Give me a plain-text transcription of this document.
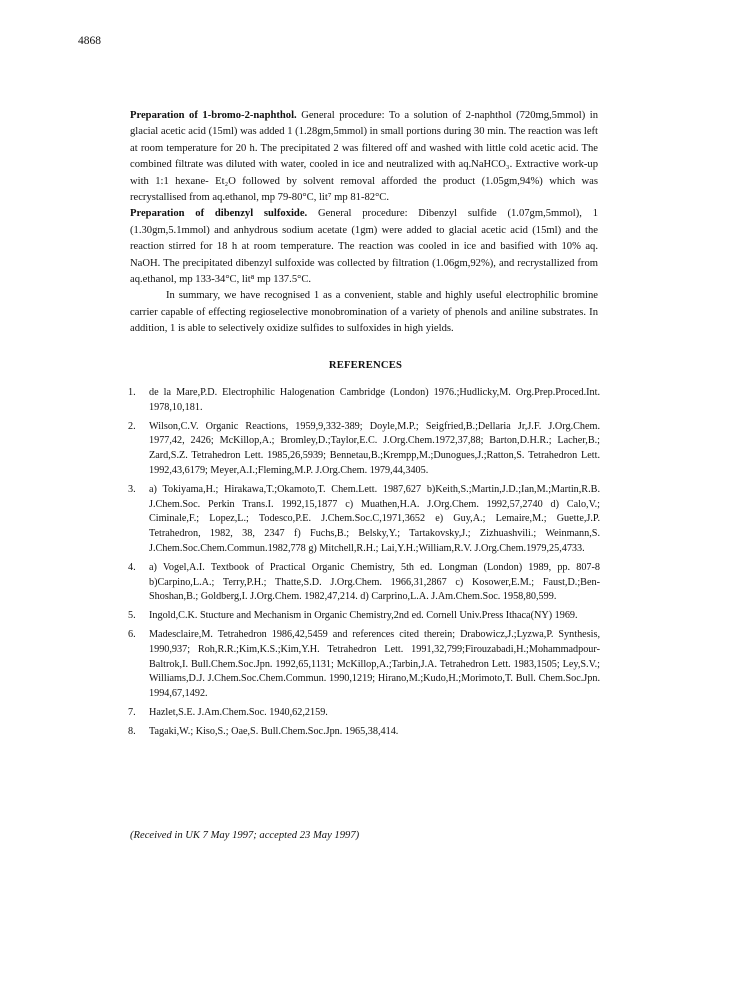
4868

Preparation of 1-bromo-2-naphthol. General procedure: To a solution of 2-naphthol (720mg,5mmol) in glacial acetic acid (15ml) was added 1 (1.28gm,5mmol) in small portions during 30 min. The reaction was left at room temperature for 20 h. The precipitated 2 was filtered off and washed with little cold acetic acid. The combined filtrate was diluted with water, cooled in ice and neutralized with aq.NaHCO₃. Extractive work-up with 1:1 hexane- Et₂O followed by solvent removal afforded the product (1.05gm,94%) which was recrystallised from aq.ethanol, mp 79-80°C, lit⁷ mp 81-82°C.

Preparation of dibenzyl sulfoxide. General procedure: Dibenzyl sulfide (1.07gm,5mmol), 1 (1.30gm,5.1mmol) and anhydrous sodium acetate (1gm) were added to glacial acetic acid (15ml) and the reaction stirred for 18 h at room temperature. The reaction was cooled in ice and basified with 10% aq. NaOH. The precipitated dibenzyl sulfoxide was collected by filtration (1.06gm,92%), and recrystallized from aq.ethanol, mp 133-34°C, lit⁸ mp 137.5°C.

In summary, we have recognised 1 as a convenient, stable and highly useful electrophilic bromine carrier capable of effecting regioselective monobromination of a variety of phenols and aniline substrates. In addition, 1 is able to selectively oxidize sulfides to sulfoxides in high yields.

REFERENCES
1. de la Mare,P.D. Electrophilic Halogenation Cambridge (London) 1976.;Hudlicky,M. Org.Prep.Proced.Int. 1978,10,181.
2. Wilson,C.V. Organic Reactions, 1959,9,332-389; Doyle,M.P.; Seigfried,B.;Dellaria Jr,J.F. J.Org.Chem. 1977,42, 2426; McKillop,A.; Bromley,D.;Taylor,E.C. J.Org.Chem.1972,37,88; Barton,D.H.R.; Lacher,B.; Zard,S.Z. Tetrahedron Lett. 1985,26,5939; Bennetau,B.;Krempp,M.;Dunogues,J.;Ratton,S. Tetrahedron Lett. 1992,43,6179; Meyer,A.I.;Fleming,M.P. J.Org.Chem. 1979,44,3405.
3. a) Tokiyama,H.; Hirakawa,T.;Okamoto,T. Chem.Lett. 1987,627 b)Keith,S.;Martin,J.D.;Ian,M.;Martin,R.B. J.Chem.Soc. Perkin Trans.I. 1992,15,1877 c) Muathen,H.A. J.Org.Chem. 1992,57,2740 d) Calo,V.; Ciminale,F.; Lopez,L.; Todesco,P.E. J.Chem.Soc.C,1971,3652 e) Guy,A.; Lemaire,M.; Guette,J.P. Tetrahedron, 1982, 38, 2347 f) Fuchs,B.; Belsky,Y.; Tartakovsky,J.; Zizhuashvili.; Weinmann,S. J.Chem.Soc.Chem.Commun.1982,778 g) Mitchell,R.H.; Lai,Y.H.;William,R.V. J.Org.Chem.1979,25,4733.
4. a) Vogel,A.I. Textbook of Practical Organic Chemistry, 5th ed. Longman (London) 1989, pp. 807-8 b)Carpino,L.A.; Terry,P.H.; Thatte,S.D. J.Org.Chem. 1966,31,2867 c) Kosower,E.M.; Faust,D.;Ben-Shoshan,B.; Goldberg,I. J.Org.Chem. 1982,47,214. d) Carprino,L.A. J.Am.Chem.Soc. 1958,80,599.
5. Ingold,C.K. Stucture and Mechanism in Organic Chemistry,2nd ed. Cornell Univ.Press Ithaca(NY) 1969.
6. Madesclaire,M. Tetrahedron 1986,42,5459 and references cited therein; Drabowicz,J.;Lyzwa,P. Synthesis, 1990,937; Roh,R.R.;Kim,K.S.;Kim,Y.H. Tetrahedron Lett. 1991,32,799;Firouzabadi,H.;Mohammadpour-Baltrok,I. Bull.Chem.Soc.Jpn. 1992,65,1131; McKillop,A.;Tarbin,J.A. Tetrahedron Lett. 1983,1505; Ley,S.V.; Williams,D.J. J.Chem.Soc.Chem.Commun. 1990,1219; Hirano,M.;Kudo,H.;Morimoto,T. Bull. Chem.Soc.Jpn. 1994,67,1492.
7. Hazlet,S.E. J.Am.Chem.Soc. 1940,62,2159.
8. Tagaki,W.; Kiso,S.; Oae,S. Bull.Chem.Soc.Jpn. 1965,38,414.
(Received in UK 7 May 1997; accepted 23 May 1997)
